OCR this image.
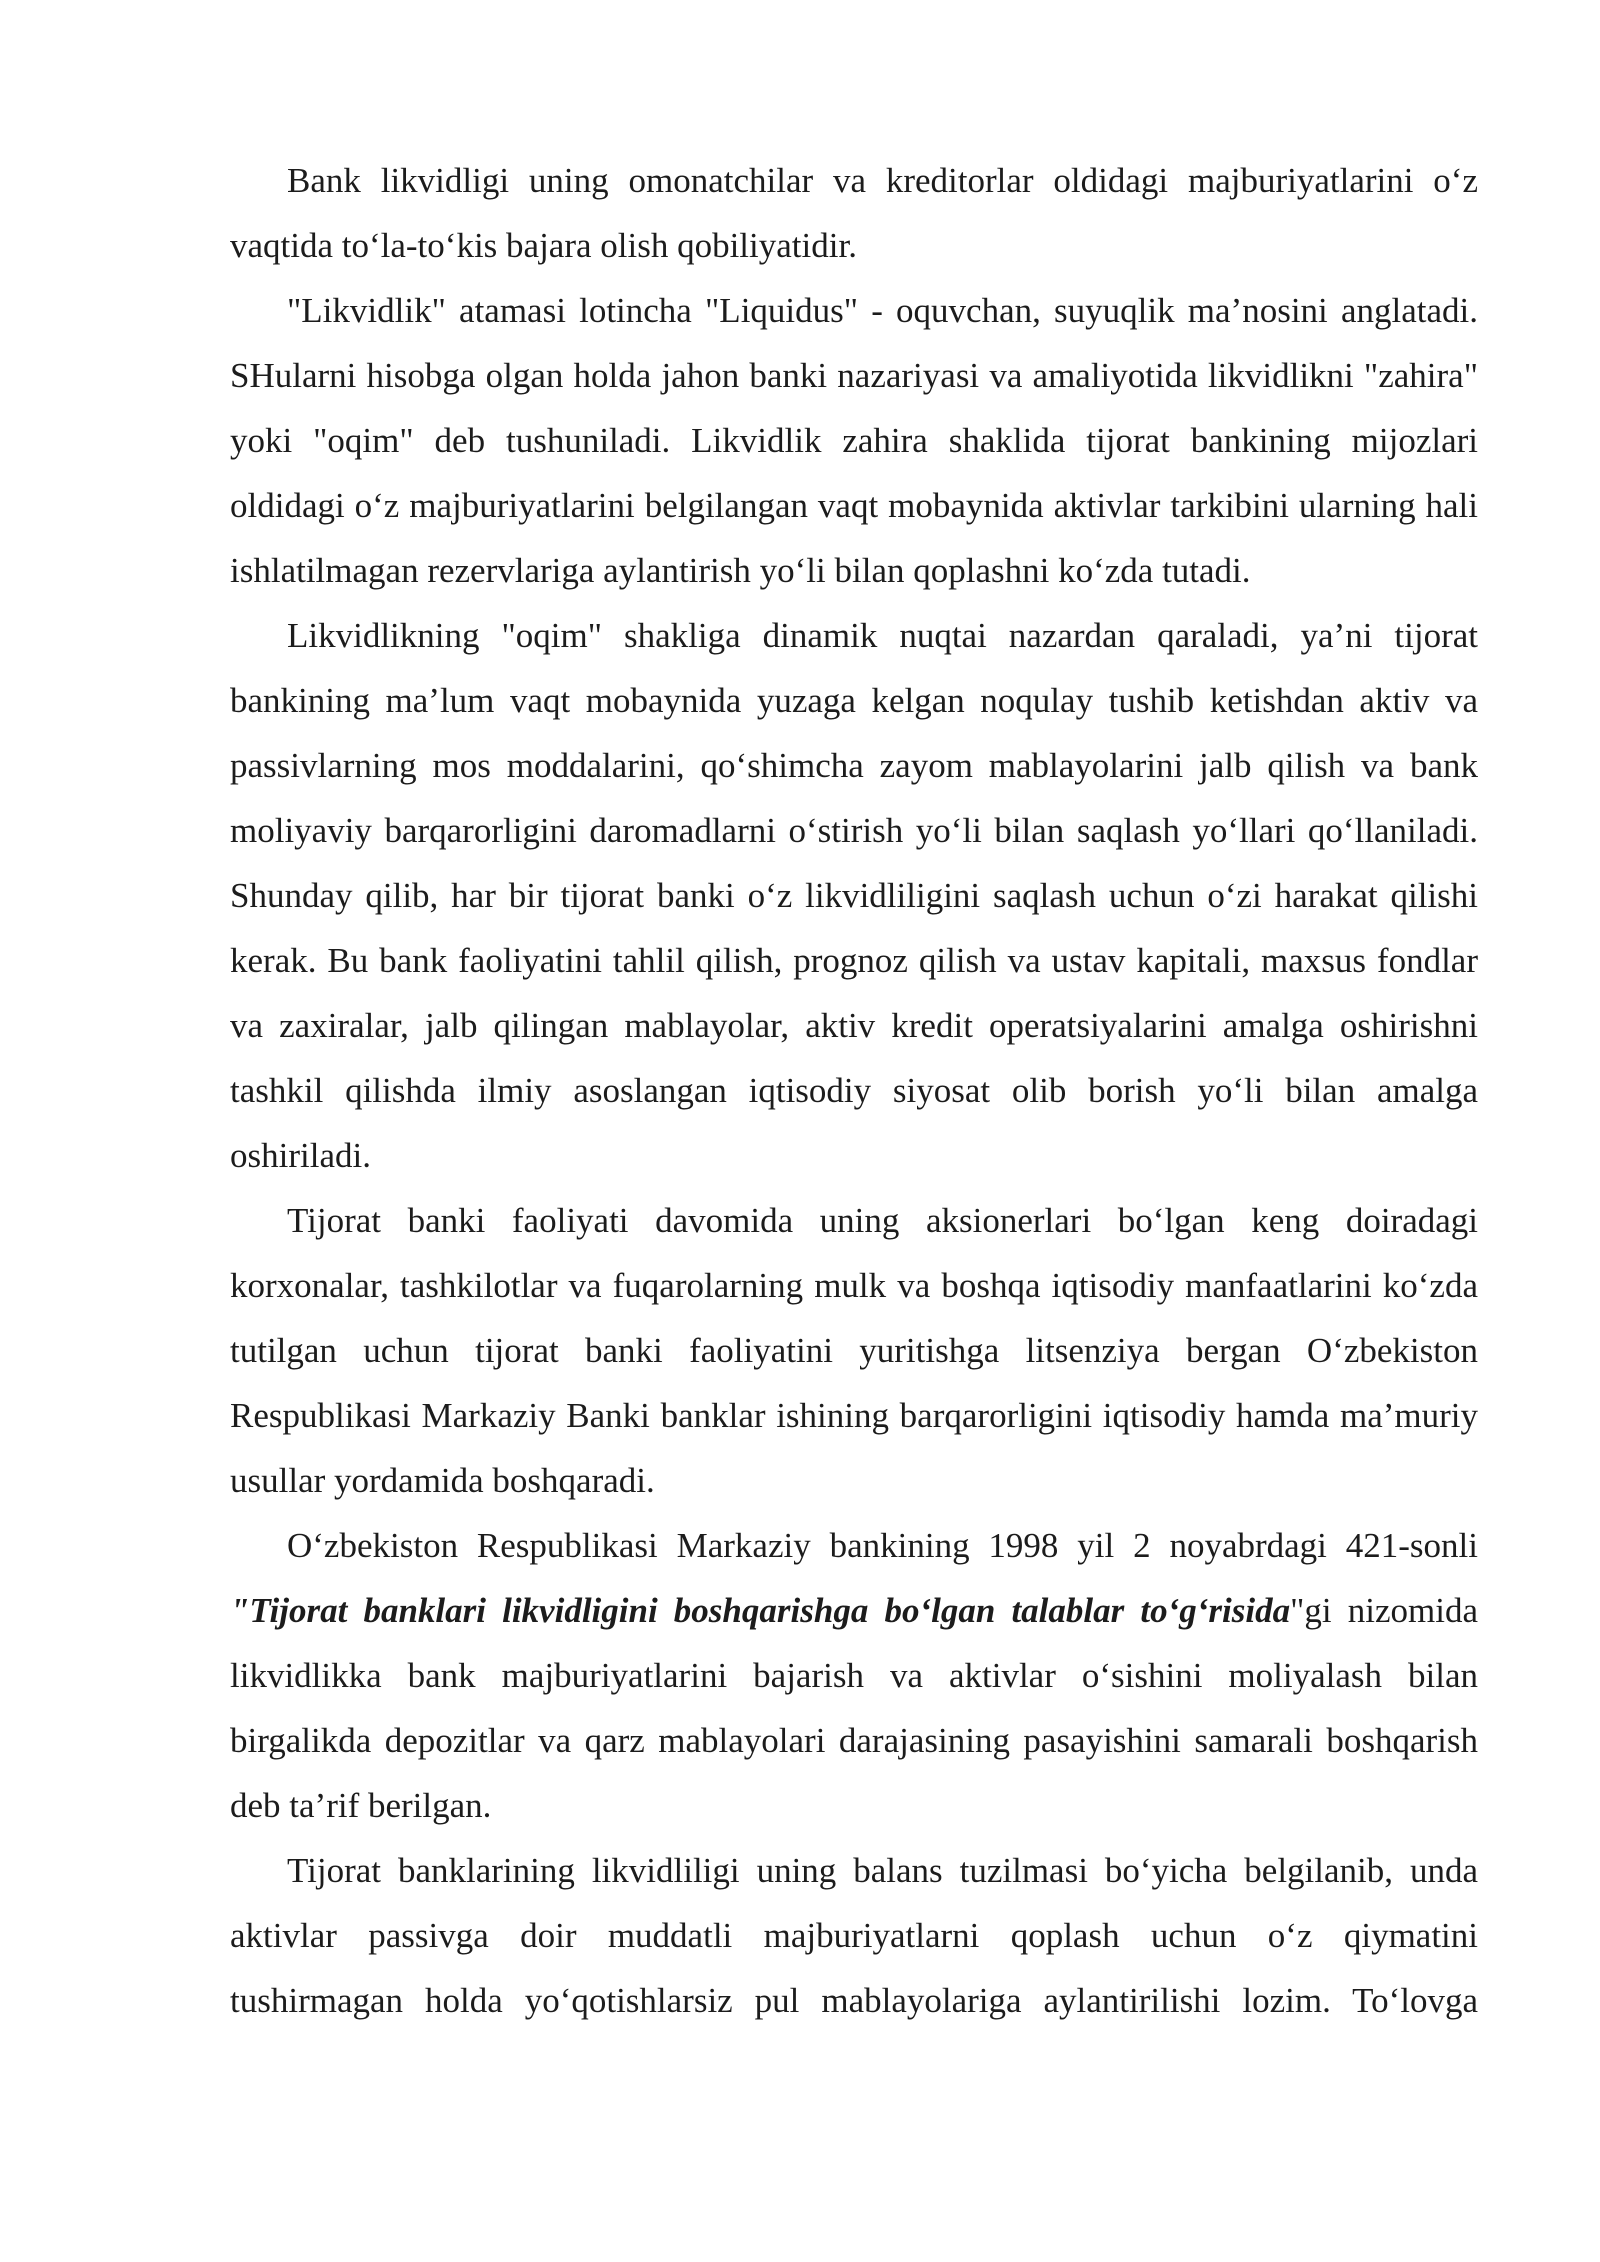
Bank likvidligi uning omonatchilar va kreditorlar oldidagi majburiyatlarini o‘z vaqtida to‘la-to‘kis bajara olish qobiliyatidir.

"Likvidlik" atamasi lotincha "Liquidus" - oquvchan, suyuqlik ma’nosini anglatadi. SHularni hisobga olgan holda jahon banki nazariyasi va amaliyotida likvidlikni "zahira" yoki "oqim" deb tushuniladi. Likvidlik zahira shaklida tijorat bankining mijozlari oldidagi o‘z majburiyatlarini belgilangan vaqt mobaynida aktivlar tarkibini ularning hali ishlatilmagan rezervlariga aylantirish yo‘li bilan qoplashni ko‘zda tutadi.

Likvidlikning "oqim" shakliga dinamik nuqtai nazardan qaraladi, ya’ni tijorat bankining ma’lum vaqt mobaynida yuzaga kelgan noqulay tushib ketishdan aktiv va passivlarning mos moddalarini, qo‘shimcha zayom mablayolarini jalb qilish va bank moliyaviy barqarorligini daromadlarni o‘stirish yo‘li bilan saqlash yo‘llari qo‘llaniladi. Shunday qilib, har bir tijorat banki o‘z likvidliligini saqlash uchun o‘zi harakat qilishi kerak. Bu bank faoliyatini tahlil qilish, prognoz qilish va ustav kapitali, maxsus fondlar va zaxiralar, jalb qilingan mablayolar, aktiv kredit operatsiyalarini amalga oshirishni tashkil qilishda ilmiy asoslangan iqtisodiy siyosat olib borish yo‘li bilan amalga oshiriladi.

Tijorat banki faoliyati davomida uning aksionerlari bo‘lgan keng doiradagi korxonalar, tashkilotlar va fuqarolarning mulk va boshqa iqtisodiy manfaatlarini ko‘zda tutilgan uchun tijorat banki faoliyatini yuritishga litsenziya bergan O‘zbekiston Respublikasi Markaziy Banki banklar ishining barqarorligini iqtisodiy hamda ma’muriy usullar yordamida boshqaradi.

O‘zbekiston Respublikasi Markaziy bankining 1998 yil 2 noyabrdagi 421-sonli "Tijorat banklari likvidligini boshqarishga bo‘lgan talablar to‘g‘risida"gi nizomida likvidlikka bank majburiyatlarini bajarish va aktivlar o‘sishini moliyalash bilan birgalikda depozitlar va qarz mablayolari darajasining pasayishini samarali boshqarish deb ta’rif berilgan.

Tijorat banklarining likvidliligi uning balans tuzilmasi bo‘yicha belgilanib, unda aktivlar passivga doir muddatli majburiyatlarni qoplash uchun o‘z qiymatini tushirmagan holda yo‘qotishlarsiz pul mablayolariga aylantirilishi lozim. To‘lovga
